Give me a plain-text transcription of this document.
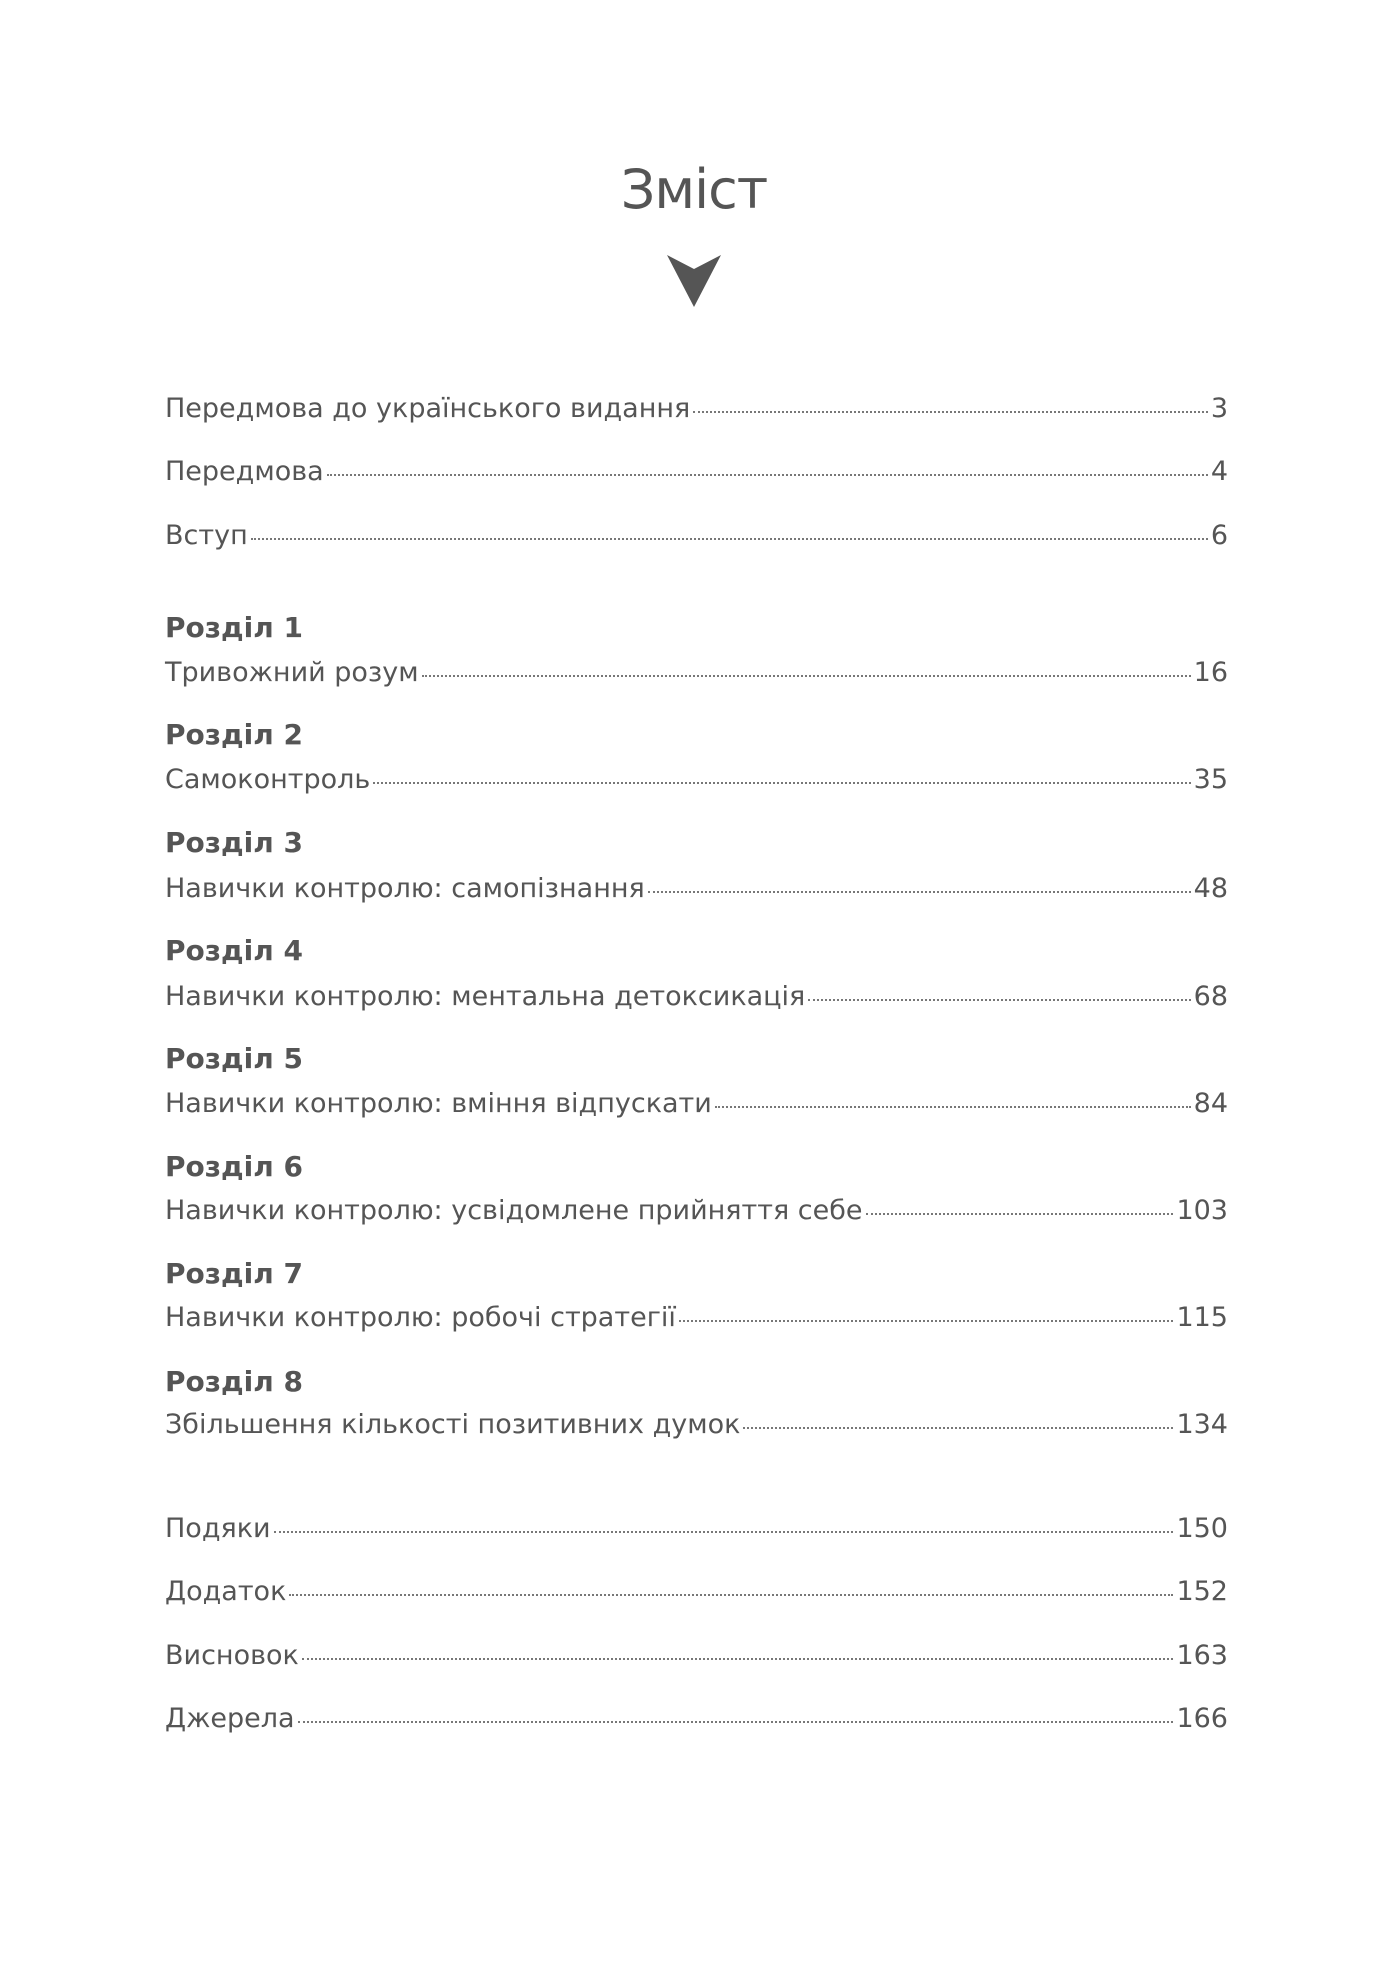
Зміст
Передмова до українського видання	3
Передмова	4
Вступ	6
Розділ 1
Тривожний розум	16
Розділ 2
Самоконтроль	35
Розділ 3
Навички контролю: самопізнання	48
Розділ 4
Навички контролю: ментальна детоксикація	68
Розділ 5
Навички контролю: вміння відпускати	84
Розділ 6
Навички контролю: усвідомлене прийняття себе	103
Розділ 7
Навички контролю: робочі стратегії	115
Розділ 8
Збільшення кількості позитивних думок	134
Подяки	150
Додаток	152
Висновок	163
Джерела	166
